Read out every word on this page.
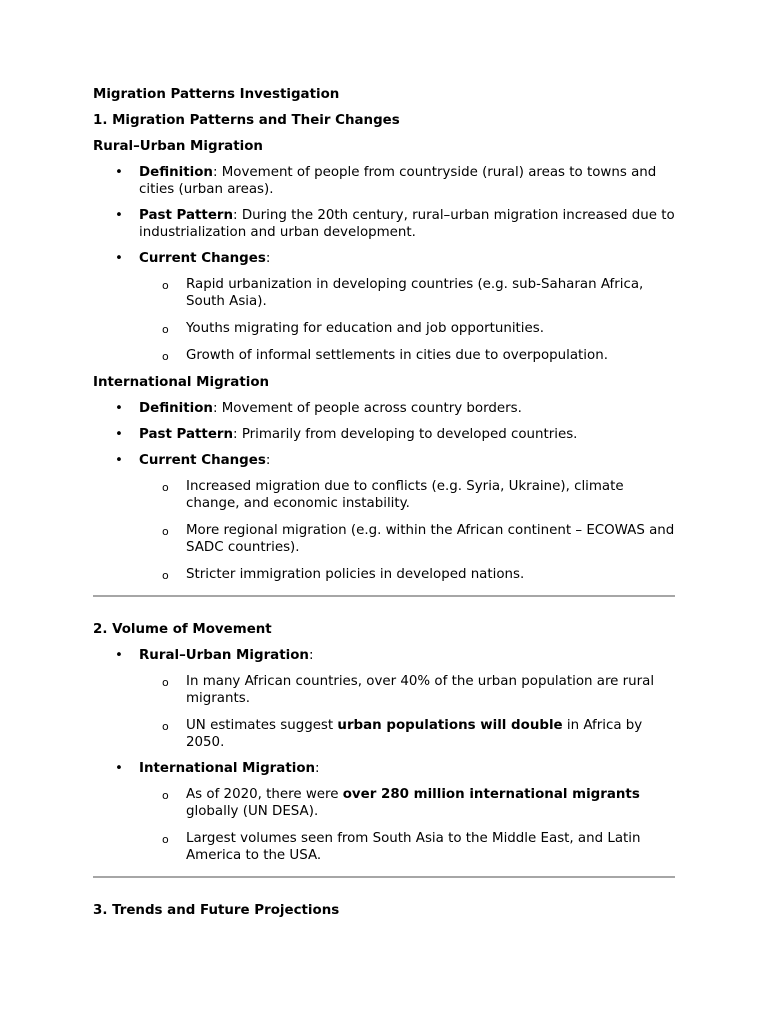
Migration Patterns Investigation

1. Migration Patterns and Their Changes

Rural–Urban Migration

• Definition: Movement of people from countryside (rural) areas to towns and cities (urban areas).
• Past Pattern: During the 20th century, rural–urban migration increased due to industrialization and urban development.
• Current Changes:
o Rapid urbanization in developing countries (e.g. sub-Saharan Africa, South Asia).
o Youths migrating for education and job opportunities.
o Growth of informal settlements in cities due to overpopulation.

International Migration

• Definition: Movement of people across country borders.
• Past Pattern: Primarily from developing to developed countries.
• Current Changes:
o Increased migration due to conflicts (e.g. Syria, Ukraine), climate change, and economic instability.
o More regional migration (e.g. within the African continent – ECOWAS and SADC countries).
o Stricter immigration policies in developed nations.

2. Volume of Movement

• Rural–Urban Migration:
o In many African countries, over 40% of the urban population are rural migrants.
o UN estimates suggest urban populations will double in Africa by 2050.
• International Migration:
o As of 2020, there were over 280 million international migrants globally (UN DESA).
o Largest volumes seen from South Asia to the Middle East, and Latin America to the USA.

3. Trends and Future Projections
